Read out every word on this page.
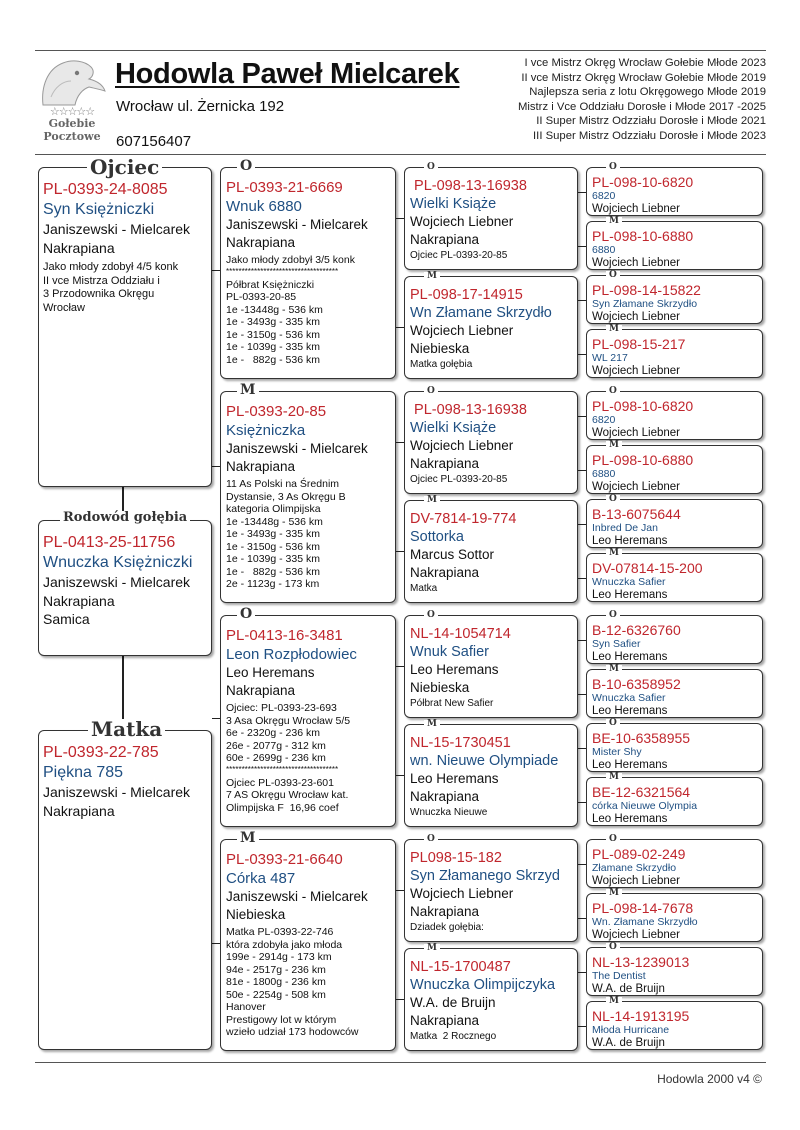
☆☆☆☆☆
Gołebie
Pocztowe
Hodowla Paweł Mielcarek
Wrocław ul. Żernicka 192
607156407
I vce Mistrz Okręg Wrocław Gołebie Młode 2023
II vce Mistrz Okręg Wrocław Gołebie Młode 2019
Najlepsza seria z lotu Okręgowego Młode 2019
Mistrz i Vce Oddziału Dorosłe i Młode 2017 -2025
II Super Mistrz Odzziału Dorosłe i Młode 2021
III Super Mistrz Odzziału Dorosłe i Młode 2023
PL-0393-24-8085
Syn Księżniczki
Janiszewski - Mielcarek
Nakrapiana
Jako młody zdobył 4/5 konk
II vce Mistrza Oddziału i
3 Przodownika Okręgu
Wrocław
Ojciec
PL-0413-25-11756
Wnuczka Księżniczki
Janiszewski - Mielcarek
Nakrapiana
Samica
Rodowód gołębia
PL-0393-22-785
Piękna 785
Janiszewski - Mielcarek
Nakrapiana
Matka
PL-0393-21-6669
Wnuk 6880
Janiszewski - Mielcarek
Nakrapiana
Jako młody zdobył 3/5 konk
************************************
Półbrat Księżniczki
PL-0393-20-85
1e -13448g - 536 km
1e - 3493g - 335 km
1e - 3150g - 536 km
1e - 1039g - 335 km
1e -   882g - 536 km
O
PL-0393-20-85
Księżniczka
Janiszewski - Mielcarek
Nakrapiana
11 As Polski na Średnim
Dystansie, 3 As Okręgu B
kategoria Olimpijska
1e -13448g - 536 km
1e - 3493g - 335 km
1e - 3150g - 536 km
1e - 1039g - 335 km
1e -   882g - 536 km
2e - 1123g - 173 km
M
PL-0413-16-3481
Leon Rozpłodowiec
Leo Heremans
Nakrapiana
Ojciec: PL-0393-23-693
3 Asa Okręgu Wrocław 5/5
6e - 2320g - 236 km
26e - 2077g - 312 km
60e - 2699g - 236 km
************************************
Ojciec PL-0393-23-601
7 AS Okręgu Wrocław kat.
Olimpijska F  16,96 coef
O
PL-0393-21-6640
Córka 487
Janiszewski - Mielcarek
Niebieska
Matka PL-0393-22-746
która zdobyła jako młoda
199e - 2914g - 173 km
94e - 2517g - 236 km
81e - 1800g - 236 km
50e - 2254g - 508 km
Hanover
Prestigowy lot w którym
wzieło udział 173 hodowców
M
PL-098-13-16938
Wielki Książe
Wojciech Liebner
Nakrapiana
Ojciec PL-0393-20-85
O
PL-098-17-14915
Wn Złamane Skrzydło
Wojciech Liebner
Niebieska
Matka gołębia
M
PL-098-13-16938
Wielki Książe
Wojciech Liebner
Nakrapiana
Ojciec PL-0393-20-85
O
DV-7814-19-774
Sottorka
Marcus Sottor
Nakrapiana
Matka
M
NL-14-1054714
Wnuk Safier
Leo Heremans
Niebieska
Półbrat New Safier
O
NL-15-1730451
wn. Nieuwe Olympiade
Leo Heremans
Nakrapiana
Wnuczka Nieuwe
M
PL098-15-182
Syn Złamanego Skrzyd
Wojciech Liebner
Nakrapiana
Dziadek gołębia:
O
NL-15-1700487
Wnuczka Olimpijczyka
W.A. de Bruijn
Nakrapiana
Matka  2 Rocznego
M
PL-098-10-6820
6820
Wojciech Liebner
O
PL-098-10-6880
6880
Wojciech Liebner
M
PL-098-14-15822
Syn Złamane Skrzydło
Wojciech Liebner
O
PL-098-15-217
WL 217
Wojciech Liebner
M
PL-098-10-6820
6820
Wojciech Liebner
O
PL-098-10-6880
6880
Wojciech Liebner
M
B-13-6075644
Inbred De Jan
Leo Heremans
O
DV-07814-15-200
Wnuczka Safier
Leo Heremans
M
B-12-6326760
Syn Safier
Leo Heremans
O
B-10-6358952
Wnuczka Safier
Leo Heremans
M
BE-10-6358955
Mister Shy
Leo Heremans
O
BE-12-6321564
córka Nieuwe Olympia
Leo Heremans
M
PL-089-02-249
Złamane Skrzydło
Wojciech Liebner
O
PL-098-14-7678
Wn. Złamane Skrzydło
Wojciech Liebner
M
NL-13-1239013
The Dentist
W.A. de Bruijn
O
NL-14-1913195
Młoda Hurricane
W.A. de Bruijn
M
Hodowla 2000 v4 ©
